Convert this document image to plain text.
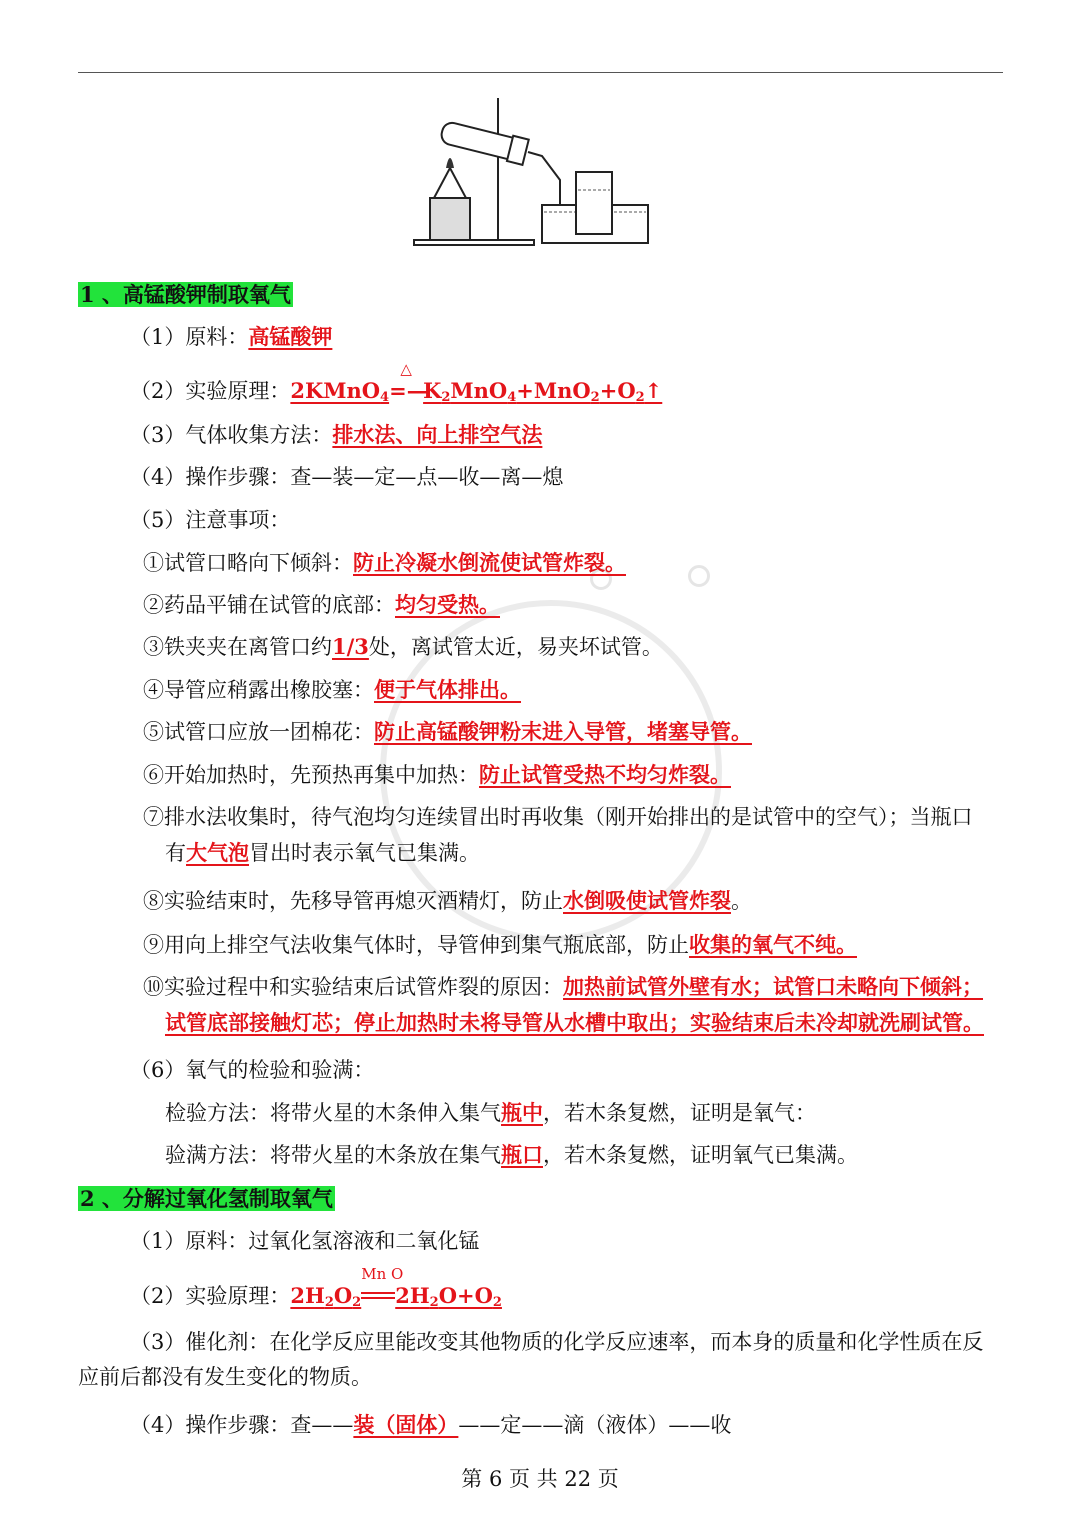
1 、高锰酸钾制取氧气
（1）原料：高锰酸钾
（2）实验原理：2KMnO$_4$
△
$=—K_2MnO_4+MnO_2+O_2↑$
（3）气体收集方法：排水法、向上排空气法
（4）操作步骤：查—装—定—点—收—离—熄
（5）注意事项：
①试管口略向下倾斜：防止冷凝水倒流使试管炸裂。
②药品平铺在试管的底部：均匀受热。
③铁夹夹在离管口约1/3处，离试管太近，易夹坏试管。
④导管应稍露出橡胶塞：便于气体排出。
⑤试管口应放一团棉花：防止高锰酸钾粉末进入导管，堵塞导管。
⑥开始加热时，先预热再集中加热：防止试管受热不均匀炸裂。
⑦排水法收集时，待气泡均匀连续冒出时再收集（刚开始排出的是试管中的空气）；当瓶口
有大气泡冒出时表示氧气已集满。
⑧实验结束时，先移导管再熄灭酒精灯，防止水倒吸使试管炸裂。
⑨用向上排空气法收集气体时，导管伸到集气瓶底部，防止收集的氧气不纯。
⑩实验过程中和实验结束后试管炸裂的原因：加热前试管外壁有水；试管口未略向下倾斜；
试管底部接触灯芯；停止加热时未将导管从水槽中取出；实验结束后未冷却就洗刷试管。
（6）氧气的检验和验满：
检验方法：将带火星的木条伸入集气瓶中，若木条复燃，证明是氧气：
验满方法：将带火星的木条放在集气瓶口，若木条复燃，证明氧气已集满。
2 、分解过氧化氢制取氧气
（1）原料：过氧化氢溶液和二氧化锰
（2）实验原理：$2H_2O_2$
Mn O
$2H_2O+O_2$
（3）催化剂：在化学反应里能改变其他物质的化学反应速率，而本身的质量和化学性质在反
应前后都没有发生变化的物质。
（4）操作步骤：查——装（固体）——定——滴（液体）——收
第 6 页 共 22 页
